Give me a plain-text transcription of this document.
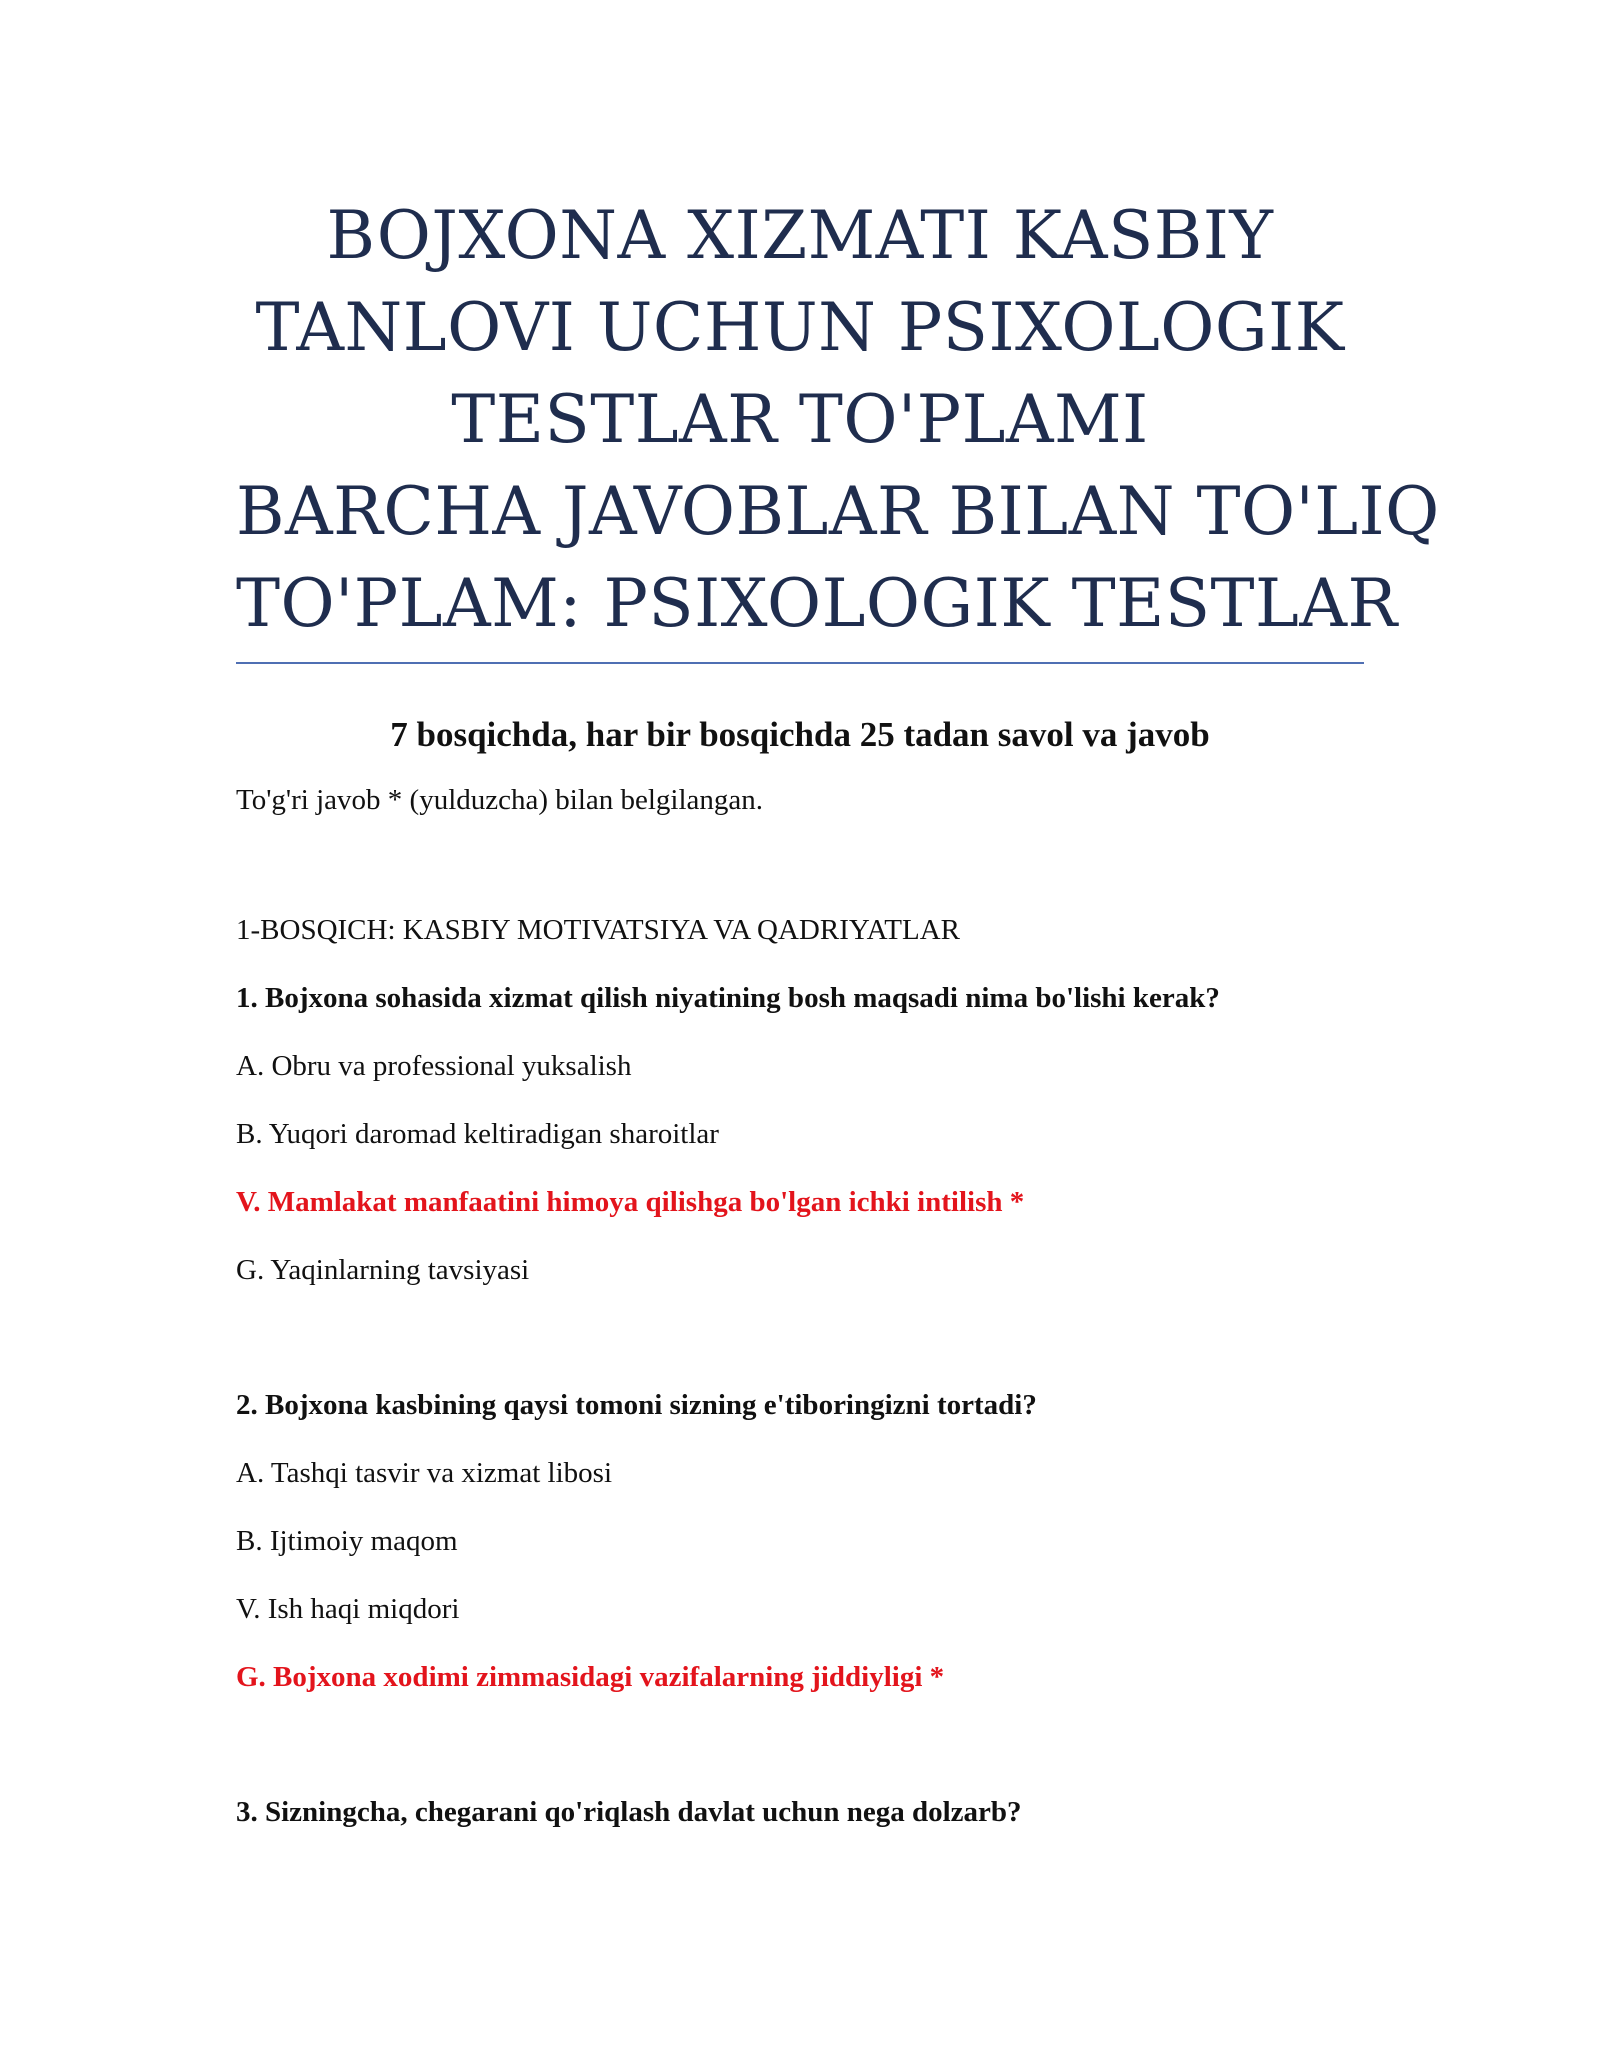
BOJXONA XIZMATI KASBIY
TANLOVI UCHUN PSIXOLOGIK
TESTLAR TO'PLAMI
BARCHA JAVOBLAR BILAN TO'LIQ
TO'PLAM: PSIXOLOGIK TESTLAR

7 bosqichda, har bir bosqichda 25 tadan savol va javob

To'g'ri javob * (yulduzcha) bilan belgilangan.

1-BOSQICH: KASBIY MOTIVATSIYA VA QADRIYATLAR

1. Bojxona sohasida xizmat qilish niyatining bosh maqsadi nima bo'lishi kerak?

A. Obru va professional yuksalish

B. Yuqori daromad keltiradigan sharoitlar

V. Mamlakat manfaatini himoya qilishga bo'lgan ichki intilish *

G. Yaqinlarning tavsiyasi

2. Bojxona kasbining qaysi tomoni sizning e'tiboringizni tortadi?

A. Tashqi tasvir va xizmat libosi

B. Ijtimoiy maqom

V. Ish haqi miqdori

G. Bojxona xodimi zimmasidagi vazifalarning jiddiyligi *

3. Sizningcha, chegarani qo'riqlash davlat uchun nega dolzarb?
